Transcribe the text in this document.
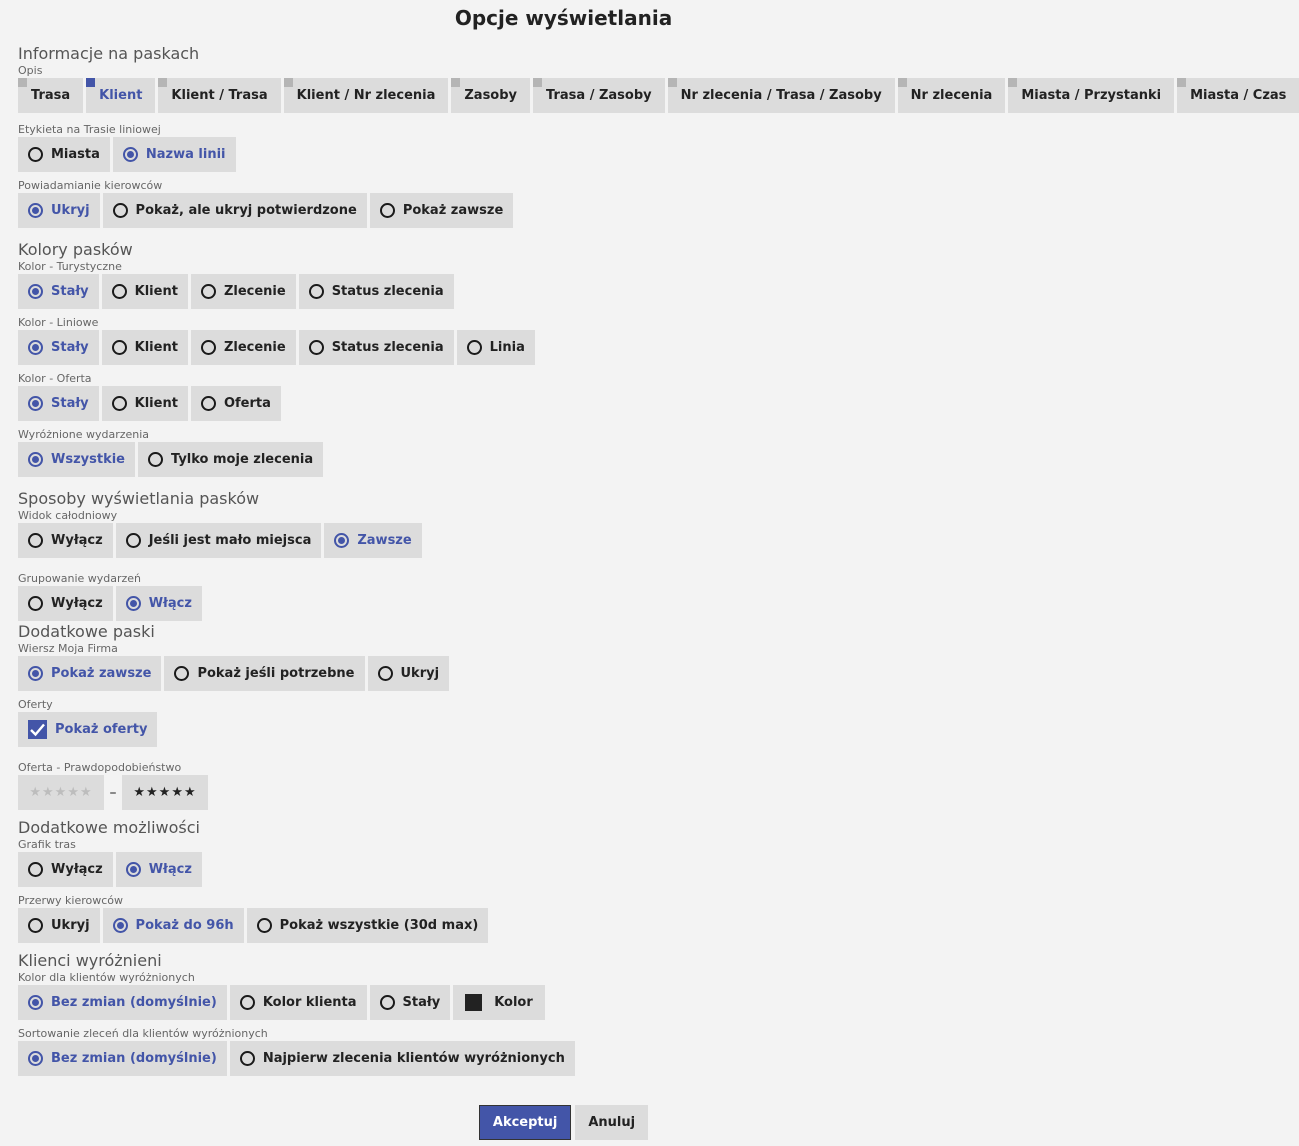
Opcje wyświetlania
Informacje na paskach
Opis
Trasa Klient Klient / Trasa Klient / Nr zlecenia Zasoby Trasa / Zasoby Nr zlecenia / Trasa / Zasoby Nr zlecenia Miasta / Przystanki Miasta / Czas
Etykieta na Trasie liniowej
Miasta	Nazwa linii
Powiadamianie kierowców
Ukryj	Pokaż, ale ukryj potwierdzone	Pokaż zawsze
Kolory pasków
Kolor - Turystyczne
Stały	Klient	Zlecenie	Status zlecenia
Kolor - Liniowe
Stały	Klient	Zlecenie	Status zlecenia	Linia
Kolor - Oferta
Stały	Klient	Oferta
Wyróżnione wydarzenia
Wszystkie	Tylko moje zlecenia
Sposoby wyświetlania pasków
Widok całodniowy
Wyłącz	Jeśli jest mało miejsca	Zawsze
Grupowanie wydarzeń
Wyłącz	Włącz
Dodatkowe paski
Wiersz Moja Firma
Pokaż zawsze	Pokaż jeśli potrzebne	Ukryj
Oferty
Pokaż oferty
Oferta - Prawdopodobieństwo
★★★★★	–	★★★★★
Dodatkowe możliwości
Grafik tras
Wyłącz	Włącz
Przerwy kierowców
Ukryj	Pokaż do 96h	Pokaż wszystkie (30d max)
Klienci wyróżnieni
Kolor dla klientów wyróżnionych
Bez zmian (domyślnie)	Kolor klienta	Stały	Kolor
Sortowanie zleceń dla klientów wyróżnionych
Bez zmian (domyślnie)	Najpierw zlecenia klientów wyróżnionych
Akceptuj	Anuluj
